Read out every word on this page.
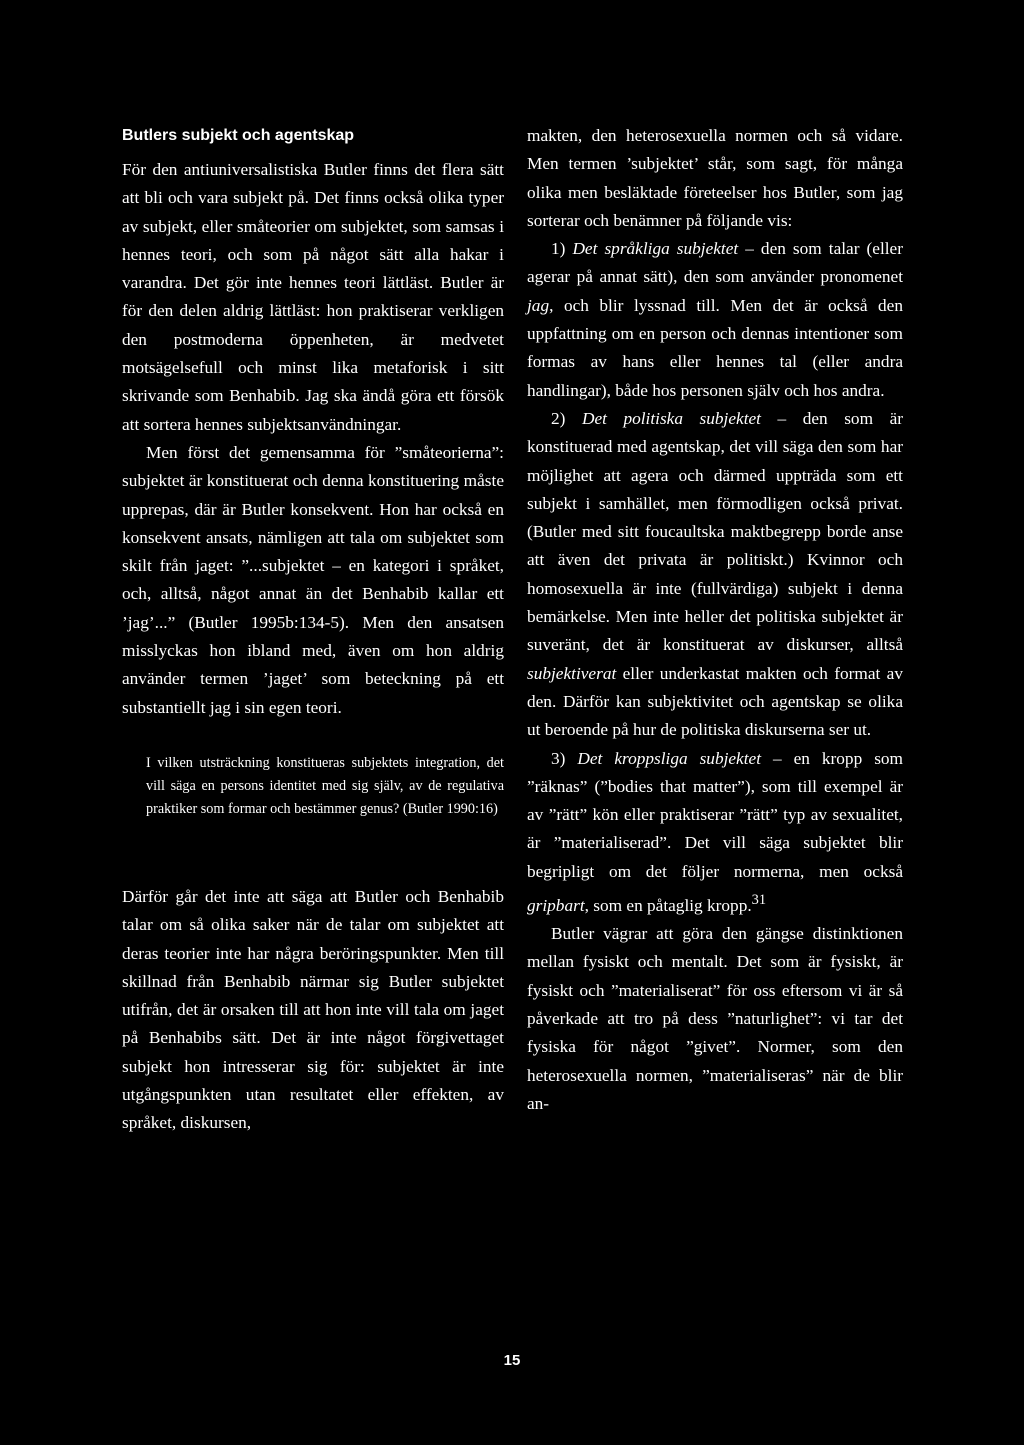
Butlers subjekt och agentskap

För den antiuniversalistiska Butler finns det flera sätt att bli och vara subjekt på. Det finns också olika typer av subjekt, eller småteorier om subjektet, som samsas i hennes teori, och som på något sätt alla hakar i varandra. Det gör inte hennes teori lättläst. Butler är för den delen aldrig lättläst: hon praktiserar verkligen den postmoderna öppenheten, är medvetet motsägelsefull och minst lika metaforisk i sitt skrivande som Benhabib. Jag ska ändå göra ett försök att sortera hennes subjektsanvändningar.

Men först det gemensamma för ”småteorierna”: subjektet är konstituerat och denna konstituering måste upprepas, där är Butler konsekvent. Hon har också en konsekvent ansats, nämligen att tala om subjektet som skilt från jaget: ”...subjektet – en kategori i språket, och, alltså, något annat än det Benhabib kallar ett ’jag’...” (Butler 1995b:134-5). Men den ansatsen misslyckas hon ibland med, även om hon aldrig använder termen ’jaget’ som beteckning på ett substantiellt jag i sin egen teori.

I vilken utsträckning konstitueras subjektets integration, det vill säga en persons identitet med sig själv, av de regulativa praktiker som formar och bestämmer genus? (Butler 1990:16)

Därför går det inte att säga att Butler och Benhabib talar om så olika saker när de talar om subjektet att deras teorier inte har några beröringspunkter. Men till skillnad från Benhabib närmar sig Butler subjektet utifrån, det är orsaken till att hon inte vill tala om jaget på Benhabibs sätt. Det är inte något förgivettaget subjekt hon intresserar sig för: subjektet är inte utgångspunkten utan resultatet eller effekten, av språket, diskursen,

makten, den heterosexuella normen och så vidare. Men termen ’subjektet’ står, som sagt, för många olika men besläktade företeelser hos Butler, som jag sorterar och benämner på följande vis:

1) Det språkliga subjektet – den som talar (eller agerar på annat sätt), den som använder pronomenet jag, och blir lyssnad till. Men det är också den uppfattning om en person och dennas intentioner som formas av hans eller hennes tal (eller andra handlingar), både hos personen själv och hos andra.

2) Det politiska subjektet – den som är konstituerad med agentskap, det vill säga den som har möjlighet att agera och därmed uppträda som ett subjekt i samhället, men förmodligen också privat. (Butler med sitt foucaultska maktbegrepp borde anse att även det privata är politiskt.) Kvinnor och homosexuella är inte (fullvärdiga) subjekt i denna bemärkelse. Men inte heller det politiska subjektet är suveränt, det är konstituerat av diskurser, alltså subjektiverat eller underkastat makten och format av den. Därför kan subjektivitet och agentskap se olika ut beroende på hur de politiska diskurserna ser ut.

3) Det kroppsliga subjektet – en kropp som ”räknas” (”bodies that matter”), som till exempel är av ”rätt” kön eller praktiserar ”rätt” typ av sexualitet, är ”materialiserad”. Det vill säga subjektet blir begripligt om det följer normerna, men också gripbart, som en påtaglig kropp.$^{31}$

Butler vägrar att göra den gängse distinktionen mellan fysiskt och mentalt. Det som är fysiskt, är fysiskt och ”materialiserat” för oss eftersom vi är så påverkade att tro på dess ”naturlighet”: vi tar det fysiska för något ”givet”. Normer, som den heterosexuella normen, ”materialiseras” när de blir an-

15
